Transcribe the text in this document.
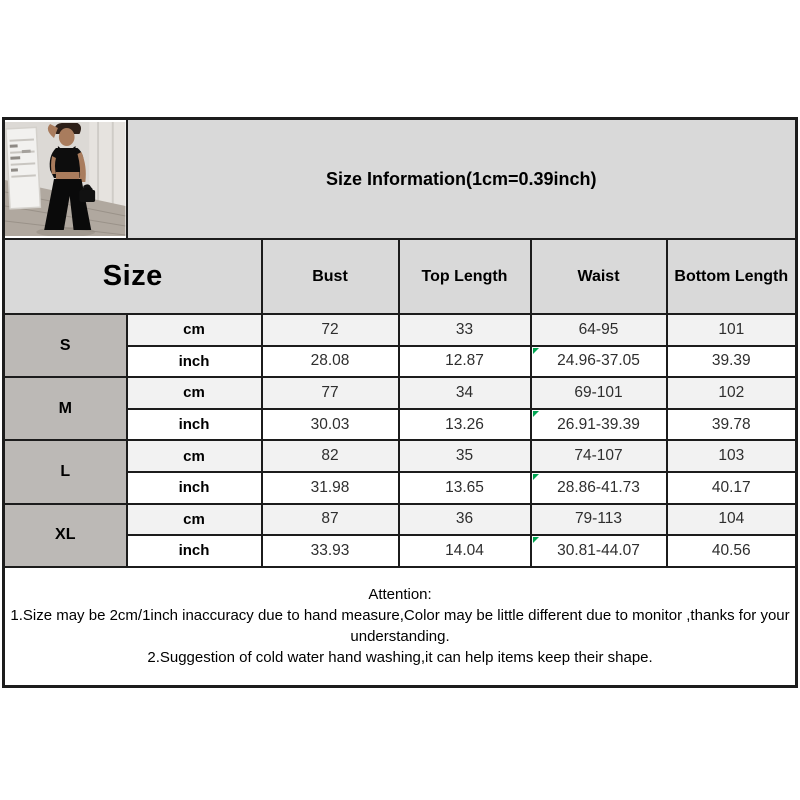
	Size Information(1cm=0.39inch)				
Size		Bust	Top Length	Waist	Bottom Length
S	cm	72	33	64-95	101
	inch	28.08	12.87	24.96-37.05	39.39
M	cm	77	34	69-101	102
	inch	30.03	13.26	26.91-39.39	39.78
L	cm	82	35	74-107	103
	inch	31.98	13.65	28.86-41.73	40.17
XL	cm	87	36	79-113	104
	inch	33.93	14.04	30.81-44.07	40.56

Attention:

1.Size may be 2cm/1inch inaccuracy due to hand measure,Color may be little different due to monitor ,thanks for your understanding.

2.Suggestion of cold water hand washing,it can help items keep their shape.					
